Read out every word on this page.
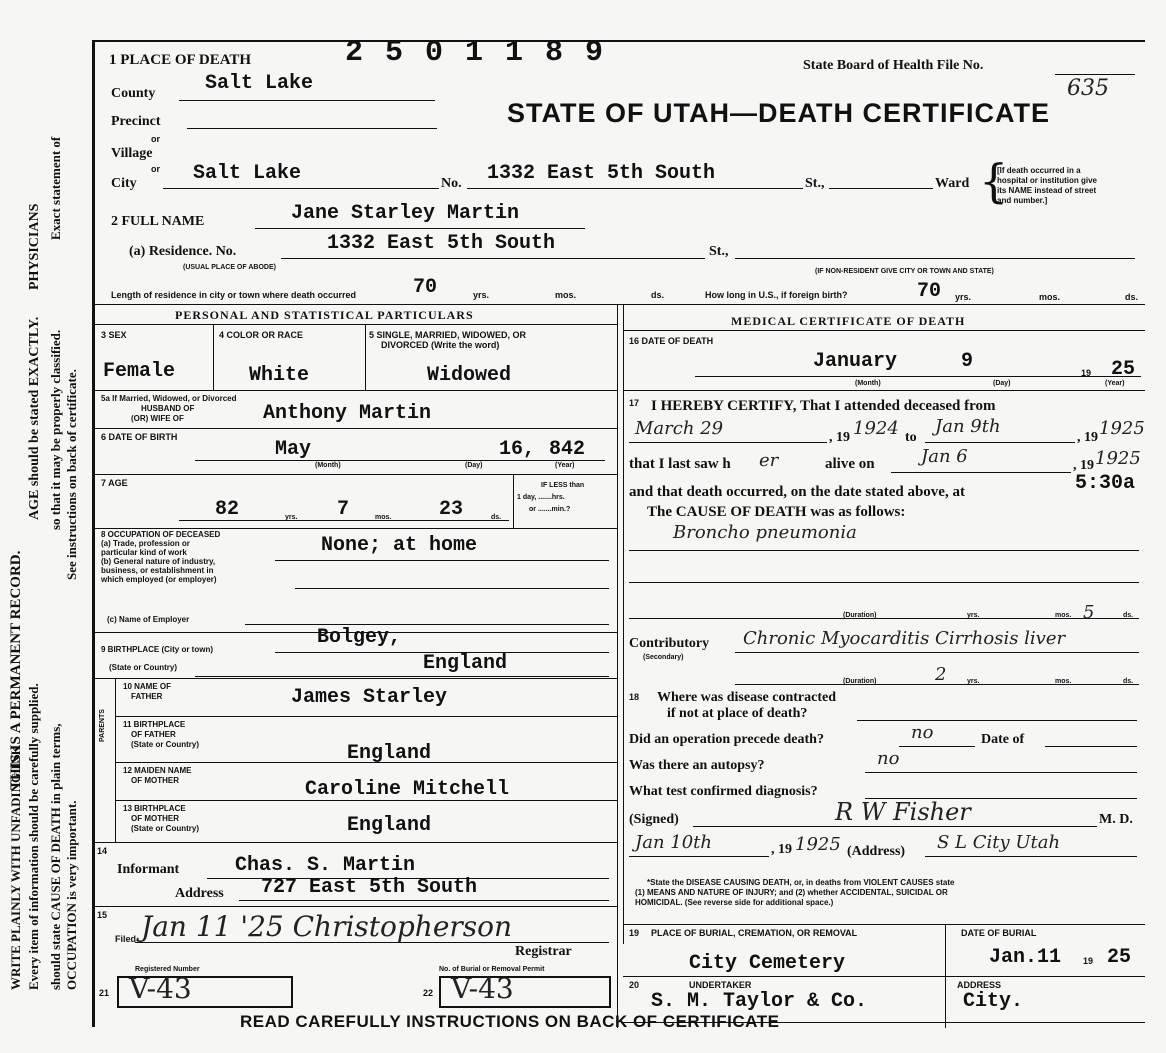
PHYSICIANS
Exact statement of
AGE should be stated EXACTLY. so that it may be properly classified. See instructions on back of certificate.
THIS IS A PERMANENT RECORD.
Every item of information should be carefully supplied. should state CAUSE OF DEATH in plain terms, OCCUPATION is very important.
WRITE PLAINLY WITH UNFADING INK
1 PLACE OF DEATH	2 5 0 1 1 8 9	State Board of Health File No.
635
STATE OF UTAH—DEATH CERTIFICATE
County Salt Lake
Precinct
or
Village
or
City	Salt Lake	No. 1332 East 5th South	St.,	Ward {
[If death occurred in a
hospital or institution give
its NAME instead of street
and number.]
2 FULL NAME	Jane Starley Martin
(a) Residence. No.
(USUAL PLACE OF ABODE)
1332 East 5th South	St.,
(IF NON-RESIDENT GIVE CITY OR TOWN AND STATE)
Length of residence in city or town where death occurred	70	yrs.	mos.	ds.	How long in U.S., if foreign birth?	70 yrs.	mos.	ds.
PERSONAL AND STATISTICAL PARTICULARS	MEDICAL CERTIFICATE OF DEATH
3 SEX
Female
4 COLOR OR RACE
White
5 SINGLE, MARRIED, WIDOWED, OR
DIVORCED (Write the word)
Widowed
5a If Married, Widowed, or Divorced
HUSBAND OF
(OR) WIFE OF	Anthony Martin
6 DATE OF BIRTH
May	16, 842
(Month)	(Day)	(Year)
7 AGE
82	yrs. 7	mos. 23	ds.
IF LESS than
1 day, .......hrs.
or .......min.?
8 OCCUPATION OF DECEASED
(a) Trade, profession or
particular kind of work
(b) General nature of industry,
business, or establishment in
which employed (or employer)
None; at home
(c) Name of Employer
9 BIRTHPLACE (City or town)
Bolgey,
(State or Country)	England
PARENTS
10 NAME OF
FATHER	James Starley
11 BIRTHPLACE
OF FATHER
(State or Country)	England
12 MAIDEN NAME
OF MOTHER	Caroline Mitchell
13 BIRTHPLACE
OF MOTHER
(State or Country)	England
14
Informant	Chas. S. Martin
Address 727 East 5th South
15
Filed Jan 11 '25 Christopherson
Registrar
Registered Number
21 V-43
No. of Burial or Removal Permit
22 V-43
16 DATE OF DEATH
January	9	19 25
(Month)	(Day)	(Year)
17 I HEREBY CERTIFY, That I attended deceased from
March 29	, 19 1924 to
Jan 9th
, 19 1925
that I last saw h er	alive on	Jan 6	, 19 1925
and that death occurred, on the date stated above, at	5:30a
The CAUSE OF DEATH was as follows:
Broncho pneumonia
(Duration)	yrs.	mos. 5	ds.
Contributory
(Secondary)
Chronic Myocarditis Cirrhosis liver
(Duration)	2	yrs.	mos.	ds.
18 Where was disease contracted
if not at place of death?
Did an operation precede death?	no	Date of
Was there an autopsy?	no
What test confirmed diagnosis?
(Signed)	R W Fisher	M. D.
Jan 10th	, 19 1925 (Address) S L City Utah
*State the DISEASE CAUSING DEATH, or, in deaths from VIOLENT CAUSES state
(1) MEANS AND NATURE OF INJURY; and (2) whether ACCIDENTAL, SUICIDAL OR
HOMICIDAL. (See reverse side for additional space.)
19 PLACE OF BURIAL, CREMATION, OR REMOVAL
City Cemetery
DATE OF BURIAL
Jan.11 19 25
20	UNDERTAKER
S. M. Taylor & Co.
ADDRESS
City.
READ CAREFULLY INSTRUCTIONS ON BACK OF CERTIFICATE
